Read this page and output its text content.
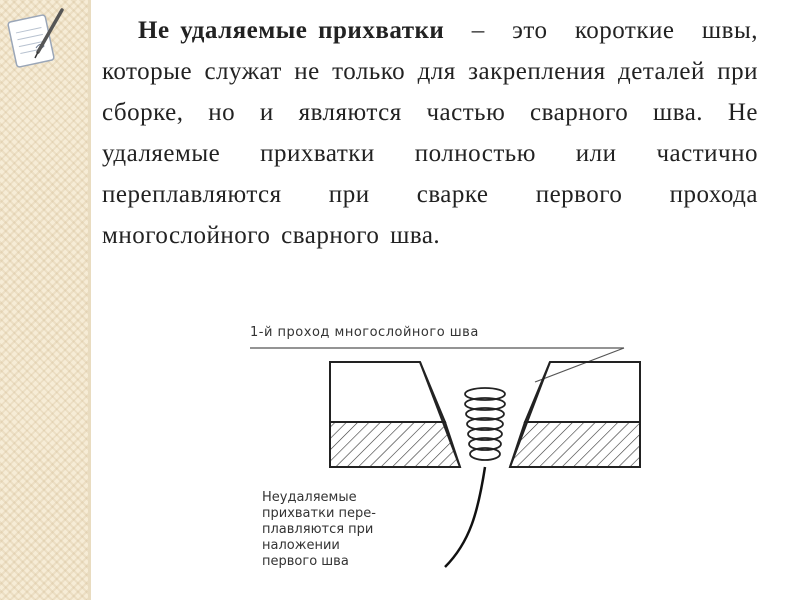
Не удаляемые прихватки – это короткие швы, которые служат не только для закрепления деталей при сборке, но и являются частью сварного шва. Не удаляемые прихватки полностью или частично переплавляются при сварке первого прохода многослойного сварного шва.

1-й проход многослойного шва
Неудаляемые
прихватки пере-
плавляются при
наложении
первого шва
